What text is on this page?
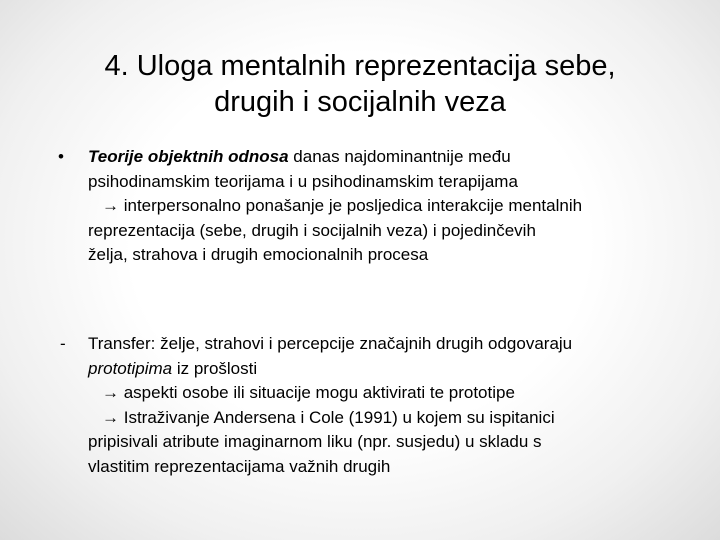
4. Uloga mentalnih reprezentacija sebe,
drugih i socijalnih veza
• Teorije objektnih odnosa danas najdominantnije među
psihodinamskim teorijama i u psihodinamskim terapijama
→ interpersonalno ponašanje je posljedica interakcije mentalnih
reprezentacija (sebe, drugih i socijalnih veza) i pojedinčevih
želja, strahova i drugih emocionalnih procesa
- Transfer: želje, strahovi i percepcije značajnih drugih odgovaraju
prototipima iz prošlosti
→ aspekti osobe ili situacije mogu aktivirati te prototipe
→ Istraživanje Andersena i Cole (1991) u kojem su ispitanici
pripisivali atribute imaginarnom liku (npr. susjedu) u skladu s
vlastitim reprezentacijama važnih drugih
